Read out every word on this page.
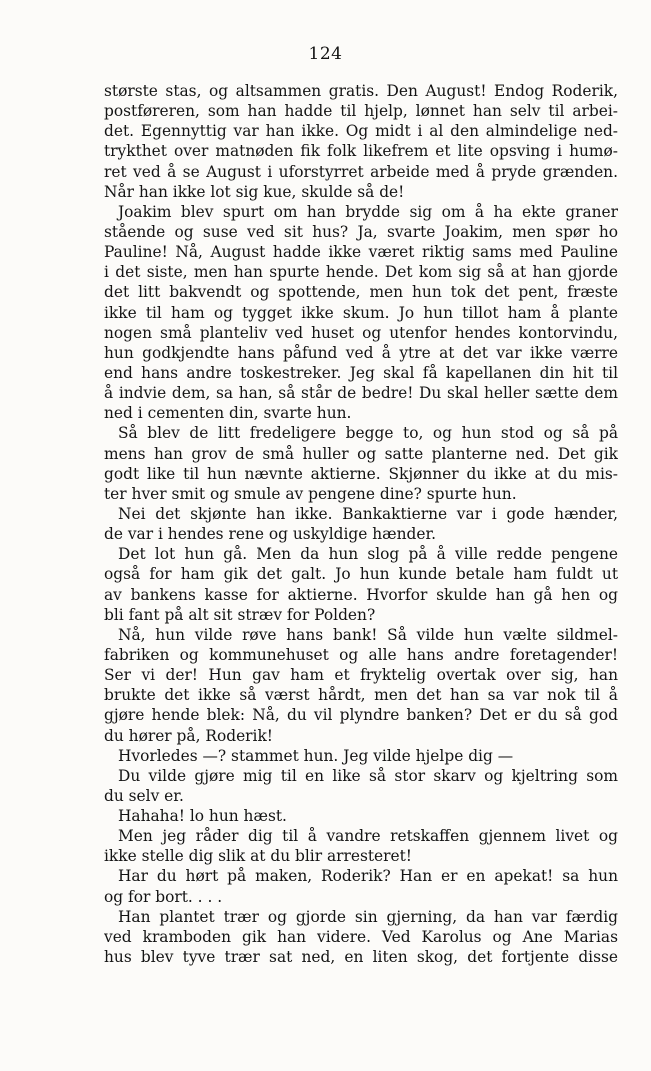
124
største stas, og altsammen gratis. Den August! Endog Roderik,
postføreren, som han hadde til hjelp, lønnet han selv til arbei-
det. Egennyttig var han ikke. Og midt i al den almindelige ned-
trykthet over matnøden fik folk likefrem et lite opsving i humø-
ret ved å se August i uforstyrret arbeide med å pryde grænden.
Når han ikke lot sig kue, skulde så de!
Joakim blev spurt om han brydde sig om å ha ekte graner
stående og suse ved sit hus? Ja, svarte Joakim, men spør ho
Pauline! Nå, August hadde ikke været riktig sams med Pauline
i det siste, men han spurte hende. Det kom sig så at han gjorde
det litt bakvendt og spottende, men hun tok det pent, fræste
ikke til ham og tygget ikke skum. Jo hun tillot ham å plante
nogen små planteliv ved huset og utenfor hendes kontorvindu,
hun godkjendte hans påfund ved å ytre at det var ikke værre
end hans andre toskestreker. Jeg skal få kapellanen din hit til
å indvie dem, sa han, så står de bedre! Du skal heller sætte dem
ned i cementen din, svarte hun.
Så blev de litt fredeligere begge to, og hun stod og så på
mens han grov de små huller og satte planterne ned. Det gik
godt like til hun nævnte aktierne. Skjønner du ikke at du mis-
ter hver smit og smule av pengene dine? spurte hun.
Nei det skjønte han ikke. Bankaktierne var i gode hænder,
de var i hendes rene og uskyldige hænder.
Det lot hun gå. Men da hun slog på å ville redde pengene
også for ham gik det galt. Jo hun kunde betale ham fuldt ut
av bankens kasse for aktierne. Hvorfor skulde han gå hen og
bli fant på alt sit stræv for Polden?
Nå, hun vilde røve hans bank! Så vilde hun vælte sildmel-
fabriken og kommunehuset og alle hans andre foretagender!
Ser vi der! Hun gav ham et fryktelig overtak over sig, han
brukte det ikke så værst hårdt, men det han sa var nok til å
gjøre hende blek: Nå, du vil plyndre banken? Det er du så god
du hører på, Roderik!
Hvorledes —? stammet hun. Jeg vilde hjelpe dig —
Du vilde gjøre mig til en like så stor skarv og kjeltring som
du selv er.
Hahaha! lo hun hæst.
Men jeg råder dig til å vandre retskaffen gjennem livet og
ikke stelle dig slik at du blir arresteret!
Har du hørt på maken, Roderik? Han er en apekat! sa hun
og for bort. . . .
Han plantet trær og gjorde sin gjerning, da han var færdig
ved kramboden gik han videre. Ved Karolus og Ane Marias
hus blev tyve trær sat ned, en liten skog, det fortjente disse
